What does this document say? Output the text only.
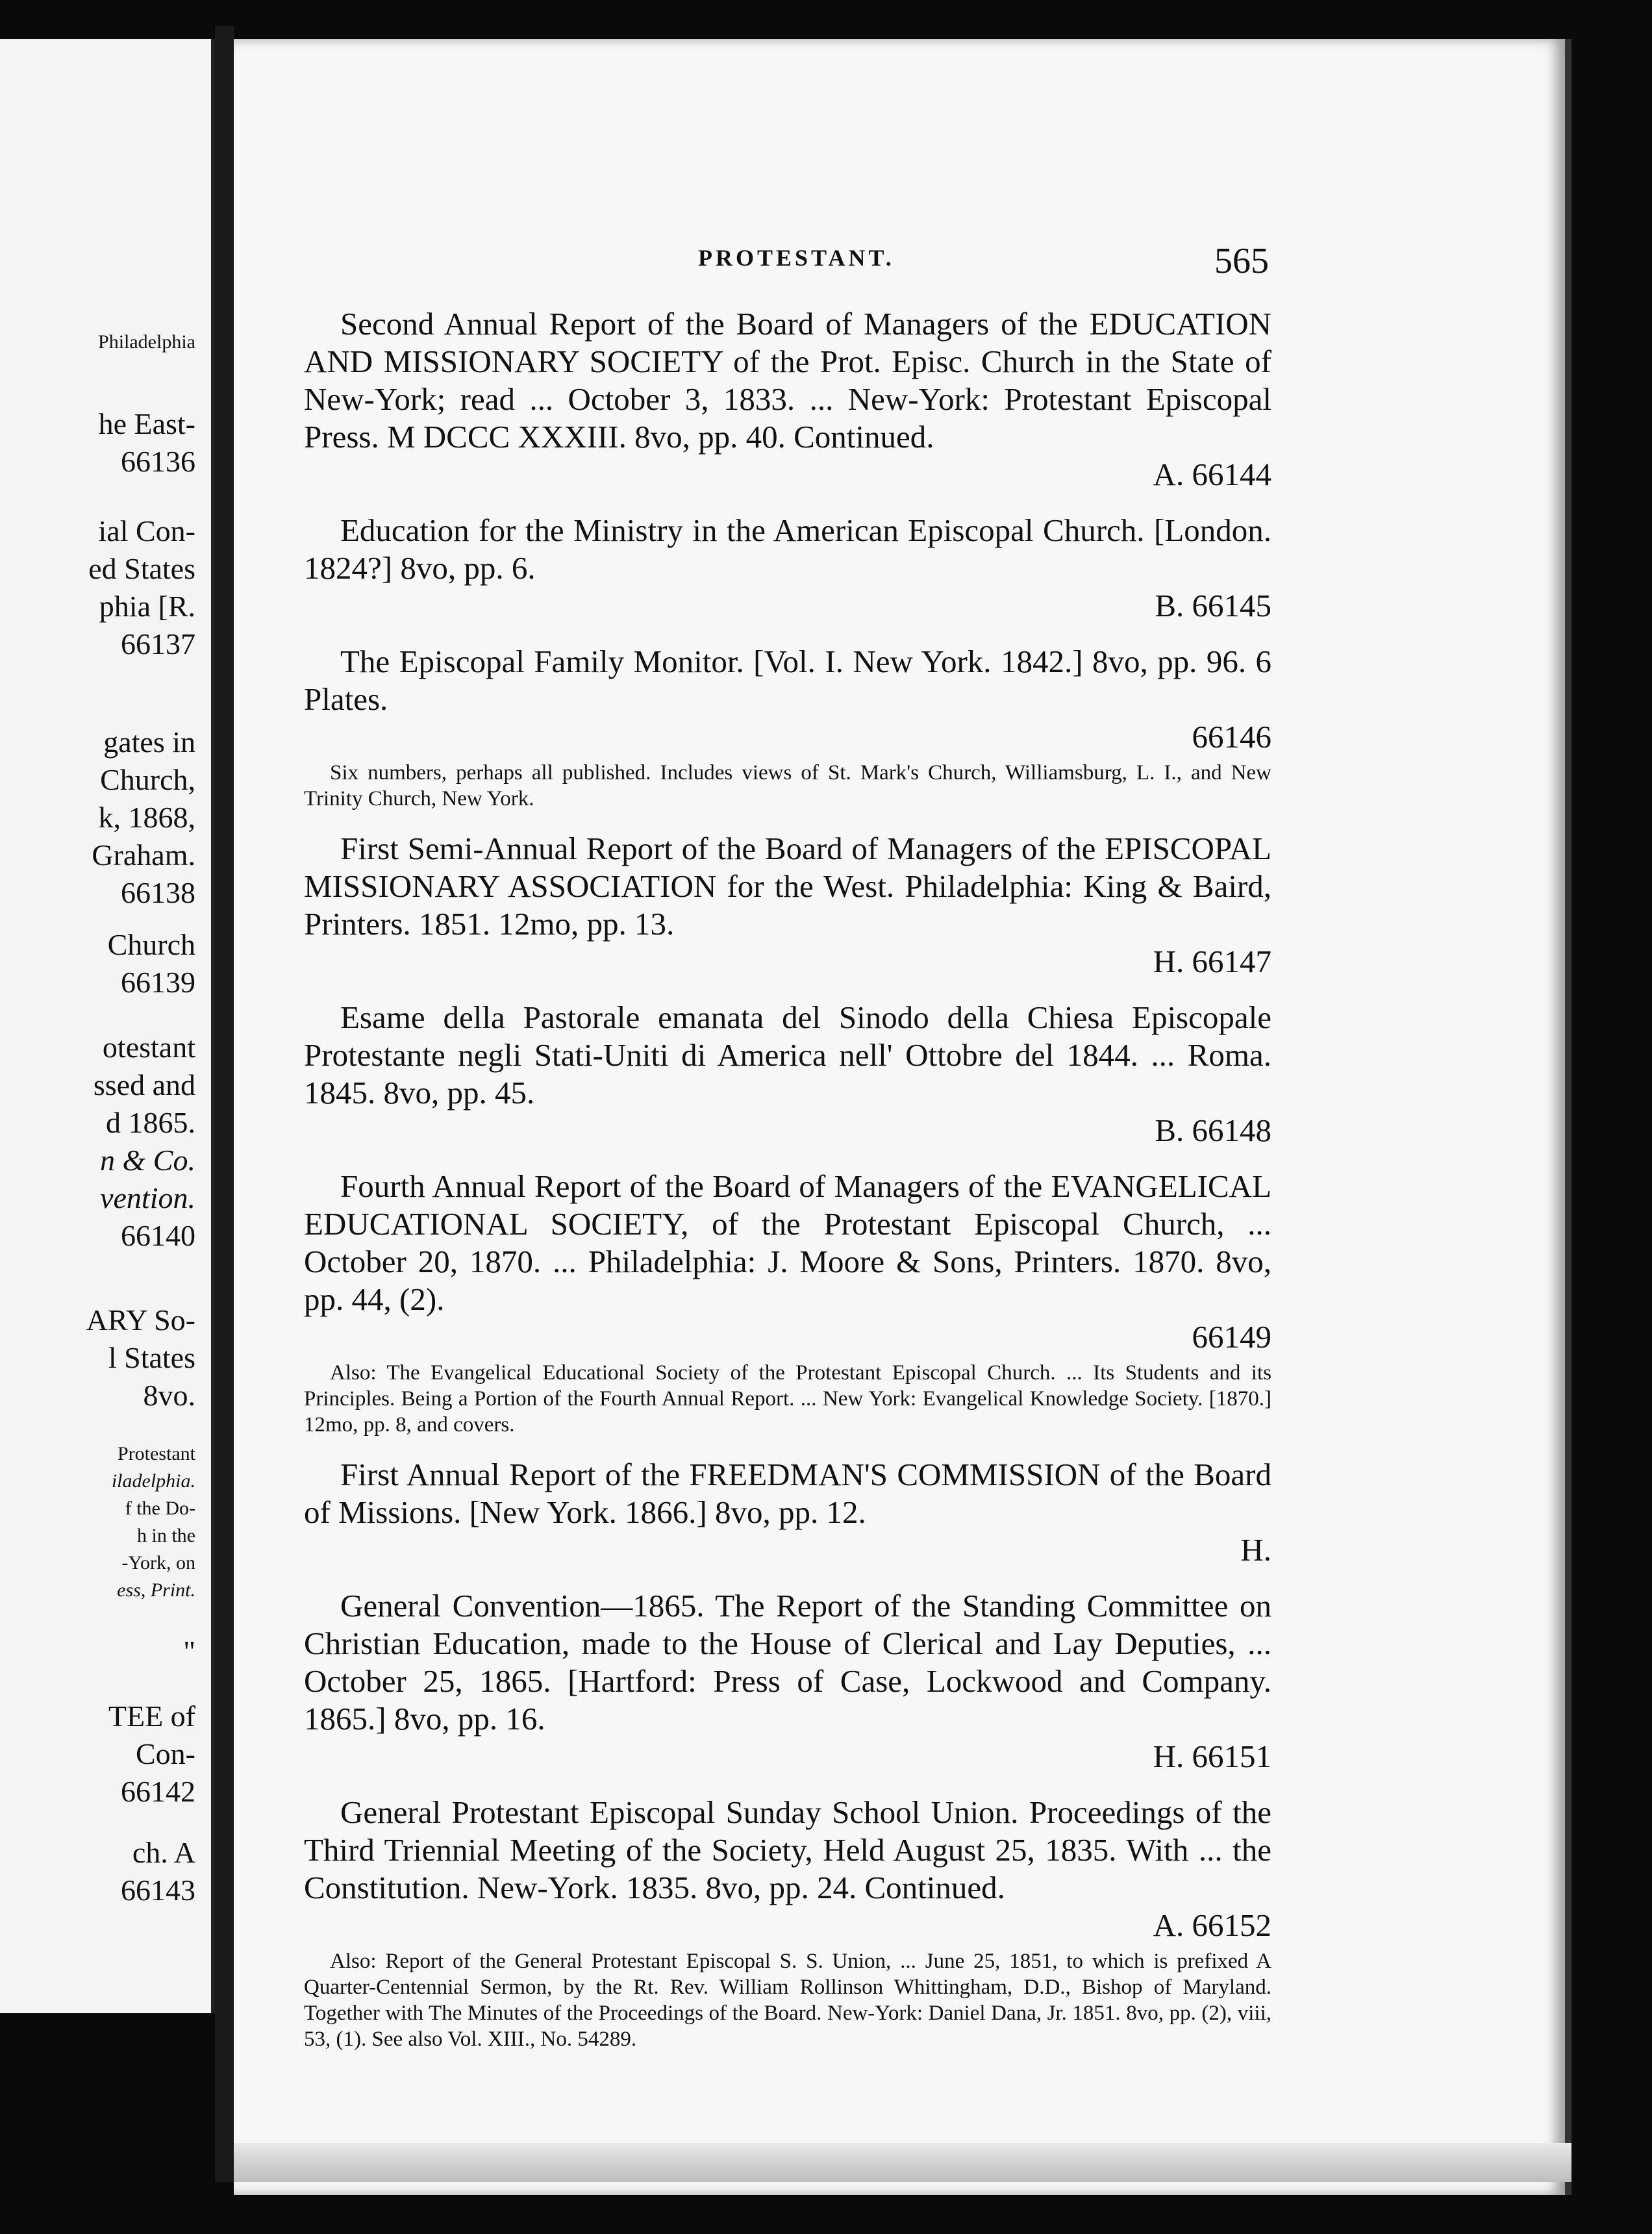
Philadelphia
he East-
66136
ial Con-
ed States
phia [R.
66137
gates in
Church,
k, 1868,
Graham.
66138
Church
66139
otestant
ssed and
d 1865.
n & Co.
vention.
66140
ARY So-
l States
8vo.
Protestant
iladelphia.
f the Do-
h in the
-York, on
ess, Print.
"
TEE of
Con-
66142
ch. A
66143
PROTESTANT.	565

Second Annual Report of the Board of Managers of the EDUCATION AND MISSIONARY SOCIETY of the Prot. Episc. Church in the State of New-York; read ... October 3, 1833. ... New-York: Protestant Episcopal Press. M DCCC XXXIII. 8vo, pp. 40. Continued.

A. 66144

Education for the Ministry in the American Episcopal Church. [London. 1824?] 8vo, pp. 6.

B. 66145

The Episcopal Family Monitor. [Vol. I. New York. 1842.] 8vo, pp. 96. 6 Plates.

66146

Six numbers, perhaps all published. Includes views of St. Mark's Church, Williamsburg, L. I., and New Trinity Church, New York.

First Semi-Annual Report of the Board of Managers of the EPISCOPAL MISSIONARY ASSOCIATION for the West. Philadelphia: King & Baird, Printers. 1851. 12mo, pp. 13.

H. 66147

Esame della Pastorale emanata del Sinodo della Chiesa Episcopale Protestante negli Stati-Uniti di America nell' Ottobre del 1844. ... Roma. 1845. 8vo, pp. 45.

B. 66148

Fourth Annual Report of the Board of Managers of the EVANGELICAL EDUCATIONAL SOCIETY, of the Protestant Episcopal Church, ... October 20, 1870. ... Philadelphia: J. Moore & Sons, Printers. 1870. 8vo, pp. 44, (2).

66149

Also: The Evangelical Educational Society of the Protestant Episcopal Church. ... Its Students and its Principles. Being a Portion of the Fourth Annual Report. ... New York: Evangelical Knowledge Society. [1870.] 12mo, pp. 8, and covers.

First Annual Report of the FREEDMAN'S COMMISSION of the Board of Missions. [New York. 1866.] 8vo, pp. 12.

H.

General Convention—1865. The Report of the Standing Committee on Christian Education, made to the House of Clerical and Lay Deputies, ... October 25, 1865. [Hartford: Press of Case, Lockwood and Company. 1865.] 8vo, pp. 16.

H. 66151

General Protestant Episcopal Sunday School Union. Proceedings of the Third Triennial Meeting of the Society, Held August 25, 1835. With ... the Constitution. New-York. 1835. 8vo, pp. 24. Continued.

A. 66152

Also: Report of the General Protestant Episcopal S. S. Union, ... June 25, 1851, to which is prefixed A Quarter-Centennial Sermon, by the Rt. Rev. William Rollinson Whittingham, D.D., Bishop of Maryland. Together with The Minutes of the Proceedings of the Board. New-York: Daniel Dana, Jr. 1851. 8vo, pp. (2), viii, 53, (1). See also Vol. XIII., No. 54289.
